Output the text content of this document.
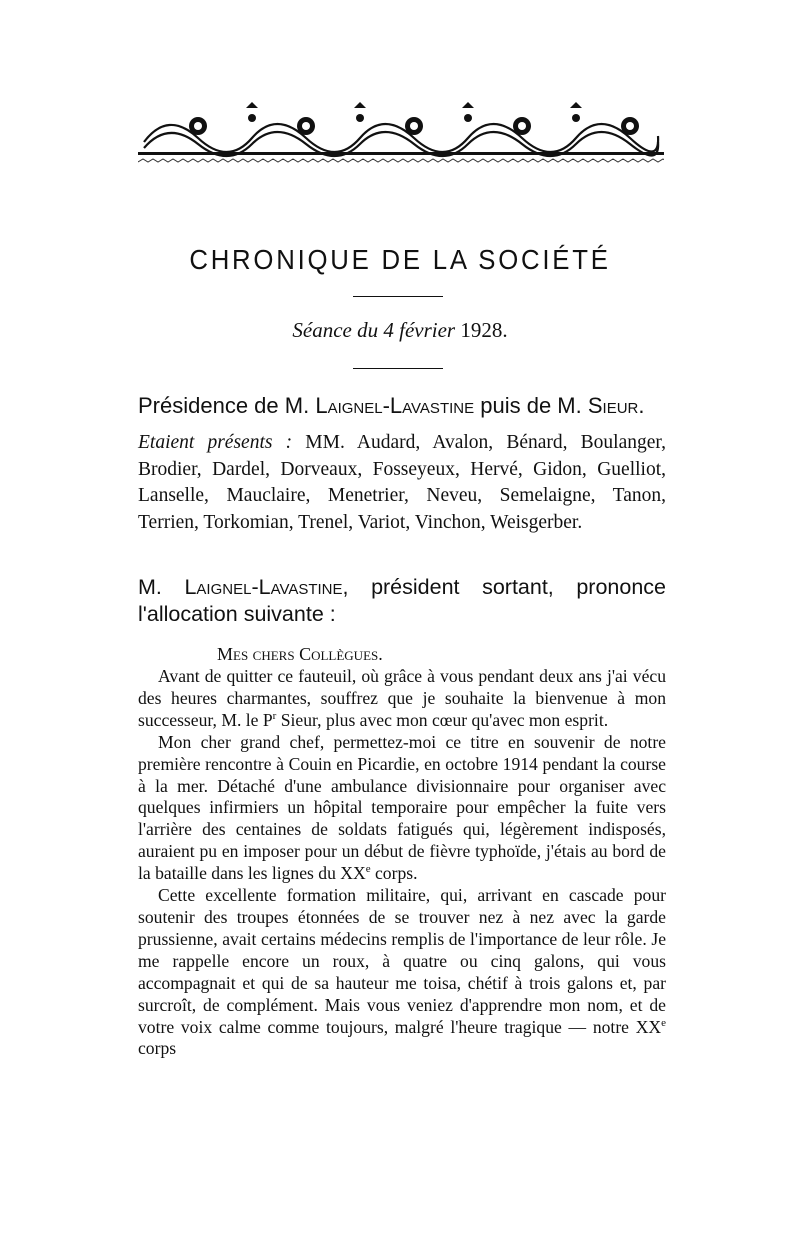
CHRONIQUE DE LA SOCIÉTÉ
Séance du 4 février 1928.
Présidence de M. Laignel-Lavastine puis de M. Sieur.

Etaient présents : MM. Audard, Avalon, Bénard, Boulanger, Brodier, Dardel, Dorveaux, Fosseyeux, Hervé, Gidon, Guelliot, Lanselle, Mauclaire, Menetrier, Neveu, Semelaigne, Tanon, Terrien, Torkomian, Trenel, Variot, Vinchon, Weisgerber.

M. Laignel-Lavastine, président sortant, prononce l'allocation suivante :

Mes chers Collègues.

Avant de quitter ce fauteuil, où grâce à vous pendant deux ans j'ai vécu des heures charmantes, souffrez que je souhaite la bienvenue à mon successeur, M. le $P^r$ Sieur, plus avec mon cœur qu'avec mon esprit.

Mon cher grand chef, permettez-moi ce titre en souvenir de notre première rencontre à Couin en Picardie, en octobre 1914 pendant la course à la mer. Détaché d'une ambulance divisionnaire pour organiser avec quelques infirmiers un hôpital temporaire pour empêcher la fuite vers l'arrière des centaines de soldats fatigués qui, légèrement indisposés, auraient pu en imposer pour un début de fièvre typhoïde, j'étais au bord de la bataille dans les lignes du XXe corps.

Cette excellente formation militaire, qui, arrivant en cascade pour soutenir des troupes étonnées de se trouver nez à nez avec la garde prussienne, avait certains médecins remplis de l'importance de leur rôle. Je me rappelle encore un roux, à quatre ou cinq galons, qui vous accompagnait et qui de sa hauteur me toisa, chétif à trois galons et, par surcroît, de complément. Mais vous veniez d'apprendre mon nom, et de votre voix calme comme toujours, malgré l'heure tragique — notre XXe corps
